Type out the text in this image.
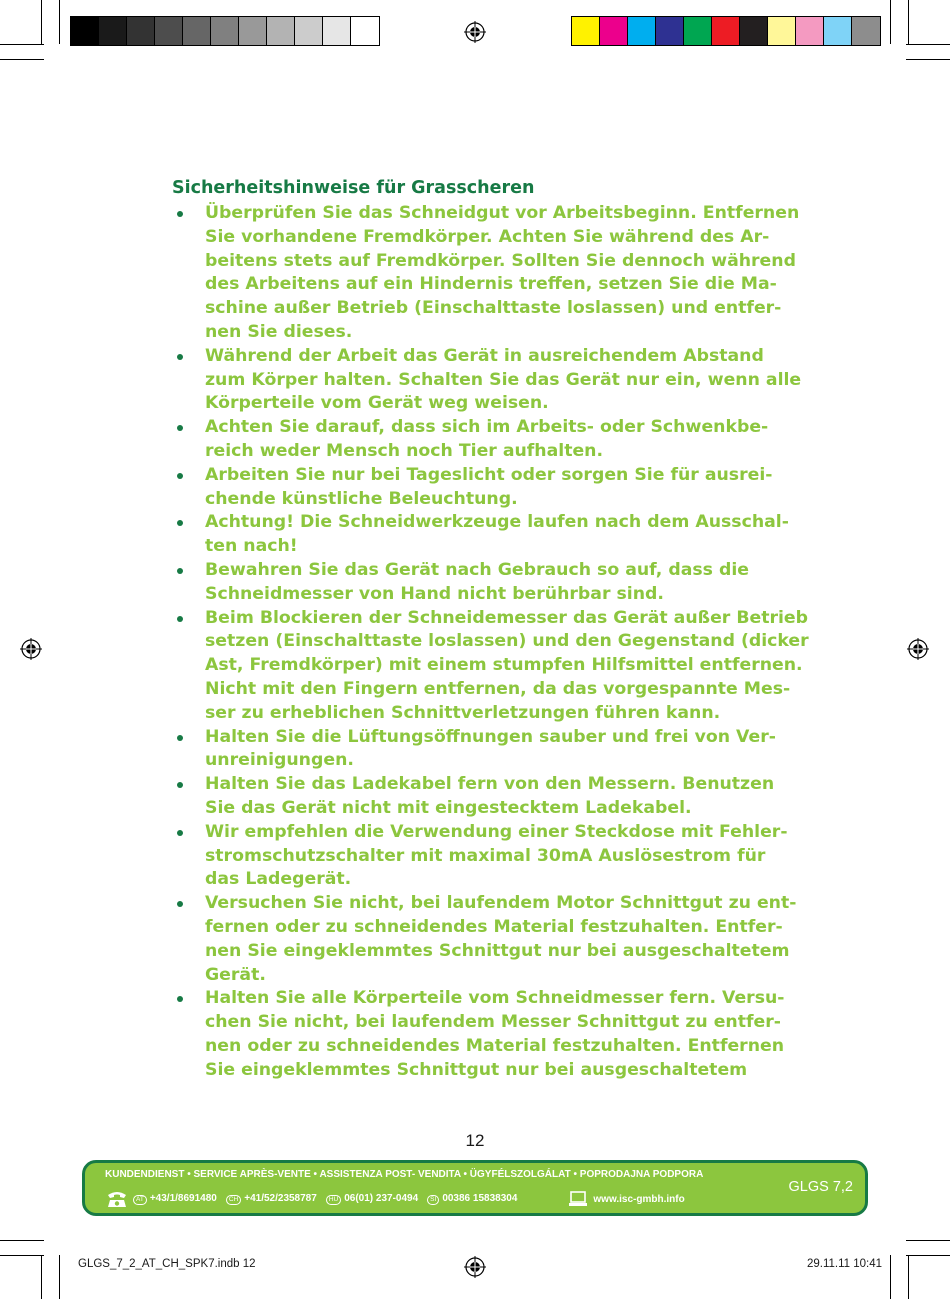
Sicherheitshinweise für Grasscheren
Überprüfen Sie das Schneidgut vor Arbeitsbeginn. Entfernen
Sie vorhandene Fremdkörper. Achten Sie während des Ar-
beitens stets auf Fremdkörper. Sollten Sie dennoch während
des Arbeitens auf ein Hindernis treffen, setzen Sie die Ma-
schine außer Betrieb (Einschalttaste loslassen) und entfer-
nen Sie dieses.
Während der Arbeit das Gerät in ausreichendem Abstand
zum Körper halten. Schalten Sie das Gerät nur ein, wenn alle
Körperteile vom Gerät weg weisen.
Achten Sie darauf, dass sich im Arbeits- oder Schwenkbe-
reich weder Mensch noch Tier aufhalten.
Arbeiten Sie nur bei Tageslicht oder sorgen Sie für ausrei-
chende künstliche Beleuchtung.
Achtung! Die Schneidwerkzeuge laufen nach dem Ausschal-
ten nach!
Bewahren Sie das Gerät nach Gebrauch so auf, dass die
Schneidmesser von Hand nicht berührbar sind.
Beim Blockieren der Schneidemesser das Gerät außer Betrieb
setzen (Einschalttaste loslassen) und den Gegenstand (dicker
Ast, Fremdkörper) mit einem stumpfen Hilfsmittel entfernen.
Nicht mit den Fingern entfernen, da das vorgespannte Mes-
ser zu erheblichen Schnittverletzungen führen kann.
Halten Sie die Lüftungsöffnungen sauber und frei von Ver-
unreinigungen.
Halten Sie das Ladekabel fern von den Messern. Benutzen
Sie das Gerät nicht mit eingestecktem Ladekabel.
Wir empfehlen die Verwendung einer Steckdose mit Fehler-
stromschutzschalter mit maximal 30mA Auslösestrom für
das Ladegerät.
Versuchen Sie nicht, bei laufendem Motor Schnittgut zu ent-
fernen oder zu schneidendes Material festzuhalten. Entfer-
nen Sie eingeklemmtes Schnittgut nur bei ausgeschaltetem
Gerät.
Halten Sie alle Körperteile vom Schneidmesser fern. Versu-
chen Sie nicht, bei laufendem Messer Schnittgut zu entfer-
nen oder zu schneidendes Material festzuhalten. Entfernen
Sie eingeklemmtes Schnittgut nur bei ausgeschaltetem
12
KUNDENDIENST • SERVICE APRÈS-VENTE • ASSISTENZA POST- VENDITA • ÜGYFÉLSZOLGÁLAT • POPRODAJNA PODPORA
AT +43/1/8691480 CH +41/52/2358787 HU 06(01) 237-0494 SI 00386 15838304	www.isc-gmbh.info
GLGS 7,2
GLGS_7_2_AT_CH_SPK7.indb 12	29.11.11 10:41
